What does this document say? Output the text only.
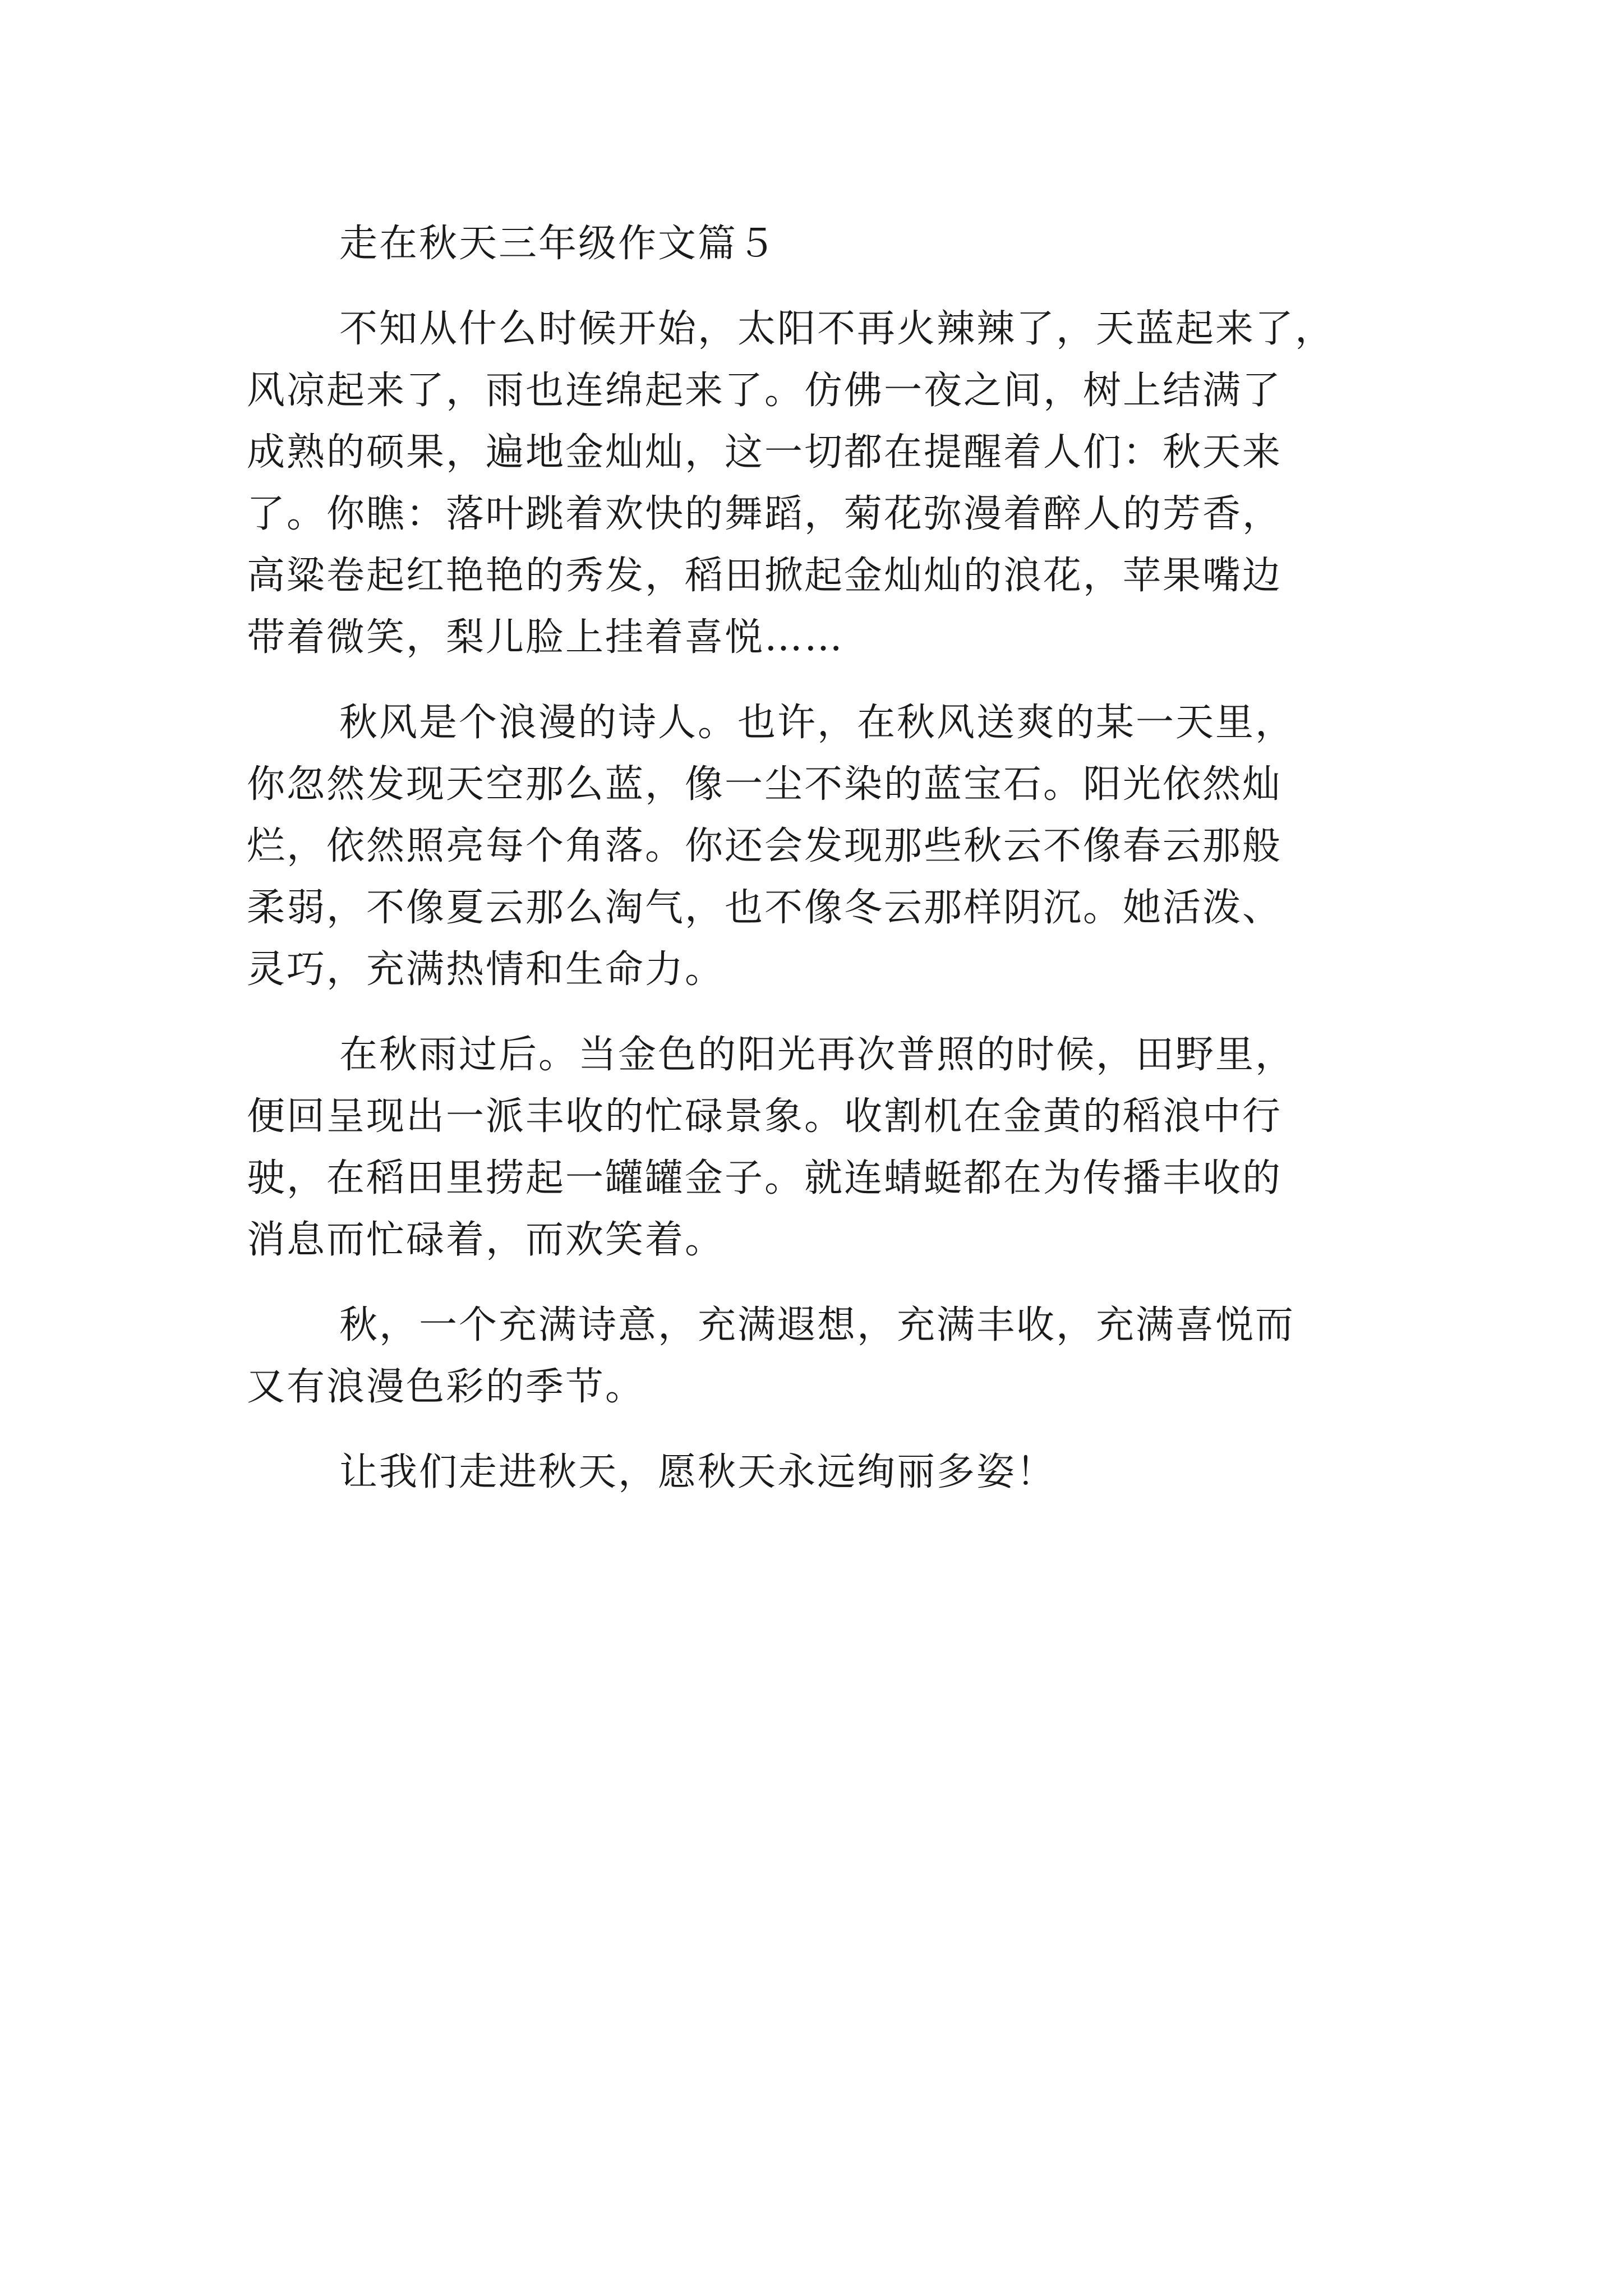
走在秋天三年级作文篇５
不知从什么时候开始，太阳不再火辣辣了，天蓝起来了，
风凉起来了，雨也连绵起来了。仿佛一夜之间，树上结满了
成熟的硕果，遍地金灿灿，这一切都在提醒着人们：秋天来
了。你瞧：落叶跳着欢快的舞蹈，菊花弥漫着醉人的芳香，
高粱卷起红艳艳的秀发，稻田掀起金灿灿的浪花，苹果嘴边
带着微笑，梨儿脸上挂着喜悦……
秋风是个浪漫的诗人。也许，在秋风送爽的某一天里，
你忽然发现天空那么蓝，像一尘不染的蓝宝石。阳光依然灿
烂，依然照亮每个角落。你还会发现那些秋云不像春云那般
柔弱，不像夏云那么淘气，也不像冬云那样阴沉。她活泼、
灵巧，充满热情和生命力。
在秋雨过后。当金色的阳光再次普照的时候，田野里，
便回呈现出一派丰收的忙碌景象。收割机在金黄的稻浪中行
驶，在稻田里捞起一罐罐金子。就连蜻蜓都在为传播丰收的
消息而忙碌着，而欢笑着。
秋，一个充满诗意，充满遐想，充满丰收，充满喜悦而
又有浪漫色彩的季节。
让我们走进秋天，愿秋天永远绚丽多姿！
